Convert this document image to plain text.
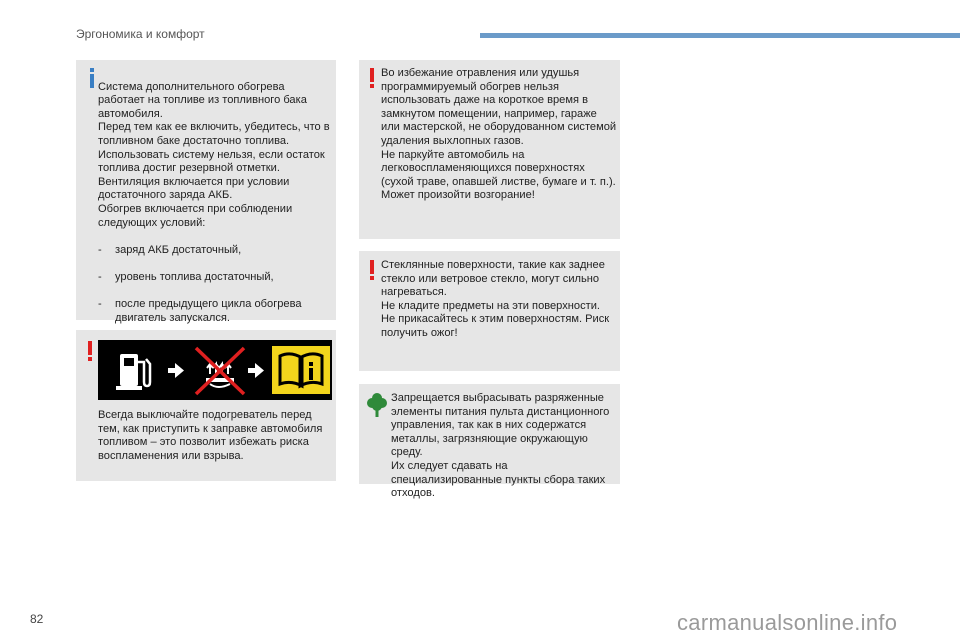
Эргономика и комфорт

Система дополнительного обогрева работает на топливе из топливного бака автомобиля.
Перед тем как ее включить, убедитесь, что в топливном баке достаточно топлива.
Использовать систему нельзя, если остаток топлива достиг резервной отметки.
Вентиляция включается при условии достаточного заряда АКБ.
Обогрев включается при соблюдении следующих условий:

-	заряд АКБ достаточный,

-	уровень топлива достаточный,

-	после предыдущего цикла обогрева двигатель запускался.

Всегда выключайте подогреватель перед тем, как приступить к заправке автомобиля топливом – это позволит избежать риска воспламенения или взрыва.
Во избежание отравления или удушья программируемый обогрев нельзя использовать даже на короткое время в замкнутом помещении, например, гараже или мастерской, не оборудованном системой удаления выхлопных газов.
Не паркуйте автомобиль на легковоспламеняющихся поверхностях (сухой траве, опавшей листве, бумаге и т. п.). Может произойти возгорание!
Стеклянные поверхности, такие как заднее стекло или ветровое стекло, могут сильно нагреваться.
Не кладите предметы на эти поверхности.
Не прикасайтесь к этим поверхностям. Риск получить ожог!
Запрещается выбрасывать разряженные элементы питания пульта дистанционного управления, так как в них содержатся металлы, загрязняющие окружающую среду.
Их следует сдавать на специализированные пункты сбора таких отходов.
82	carmanualsonline.info
